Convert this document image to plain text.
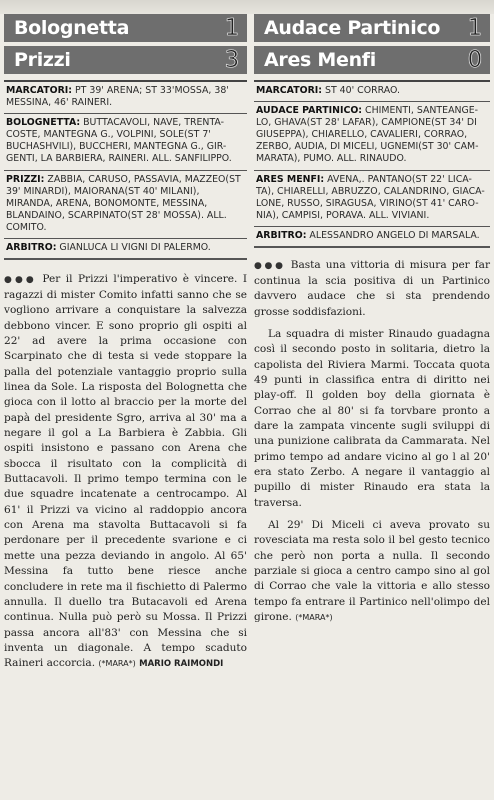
Bolognetta	1
Prizzi	3
MARCATORI: PT 39' ARENA; ST 33'MOSSA, 38' MESSINA, 46' RAINERI.
BOLOGNETTA: BUTTACAVOLI, NAVE, TRENTA-COSTE, MANTEGNA G., VOLPINI, SOLE(ST 7' BUCHASHVILI), BUCCHERI, MANTEGNA G., GIR-GENTI, LA BARBIERA, RAINERI. ALL. SANFILIPPO.
PRIZZI: ZABBIA, CARUSO, PASSAVIA, MAZZEO(ST 39' MINARDI), MAIORANA(ST 40' MILANI), MIRANDA, ARENA, BONOMONTE, MESSINA, BLANDAINO, SCARPINATO(ST 28' MOSSA). ALL. COMITO.
ARBITRO: GIANLUCA LI VIGNI DI PALERMO.

●●● Per il Prizzi l'imperativo è vincere. I ragazzi di mister Comito infatti sanno che se vogliono arrivare a conquistare la salvezza debbono vincer. E sono proprio gli ospiti al 22' ad avere la prima occasione con Scarpinato che di testa si vede stoppare la palla del potenziale vantaggio proprio sulla linea da Sole. La risposta del Bolognetta che gioca con il lotto al braccio per la morte del papà del presidente Sgro, arriva al 30' ma a negare il gol a La Barbiera è Zabbia. Gli ospiti insistono e passano con Arena che sbocca il risultato con la complicità di Buttacavoli. Il primo tempo termina con le due squadre incatenate a centrocampo. Al 61' il Prizzi va vicino al raddoppio ancora con Arena ma stavolta Buttacavoli si fa perdonare per il precedente svarione e ci mette una pezza deviando in angolo. Al 65' Messina fa tutto bene riesce anche concludere in rete ma il fischietto di Palermo annulla. Il duello tra Butacavoli ed Arena continua. Nulla può però su Mossa. Il Prizzi passa ancora all'83' con Messina che si inventa un diagonale. A tempo scaduto Raineri accorcia. (*MARA*) MARIO RAIMONDI

Audace Partinico 1
Ares Menfi	0
MARCATORI: ST 40' CORRAO.
AUDACE PARTINICO: CHIMENTI, SANTEANGE-LO, GHAVA(ST 28' LAFAR), CAMPIONE(ST 34' DI GIUSEPPA), CHIARELLO, CAVALIERI, CORRAO, ZERBO, AUDIA, DI MICELI, UGNEMI(ST 30' CAM-MARATA), PUMO. ALL. RINAUDO.
ARES MENFI: AVENA,. PANTANO(ST 22' LICA-TA), CHIARELLI, ABRUZZO, CALANDRINO, GIACA-LONE, RUSSO, SIRAGUSA, VIRINO(ST 41' CARO-NIA), CAMPISI, PORAVA. ALL. VIVIANI.
ARBITRO: ALESSANDRO ANGELO DI MARSALA.

●●● Basta una vittoria di misura per far continua la scia positiva di un Partinico davvero audace che si sta prendendo grosse soddisfazioni.

La squadra di mister Rinaudo guadagna così il secondo posto in solitaria, dietro la capolista del Riviera Marmi. Toccata quota 49 punti in classifica entra di diritto nei play-off. Il golden boy della giornata è Corrao che al 80' si fa torvbare pronto a dare la zampata vincente sugli sviluppi di una punizione calibrata da Cammarata. Nel primo tempo ad andare vicino al go l al 20' era stato Zerbo. A negare il vantaggio al pupillo di mister Rinaudo era stata la traversa.

Al 29' Di Miceli ci aveva provato su rovesciata ma resta solo il bel gesto tecnico che però non porta a nulla. Il secondo parziale si gioca a centro campo sino al gol di Corrao che vale la vittoria e allo stesso tempo fa entrare il Partinico nell'olimpo del girone. (*MARA*)
